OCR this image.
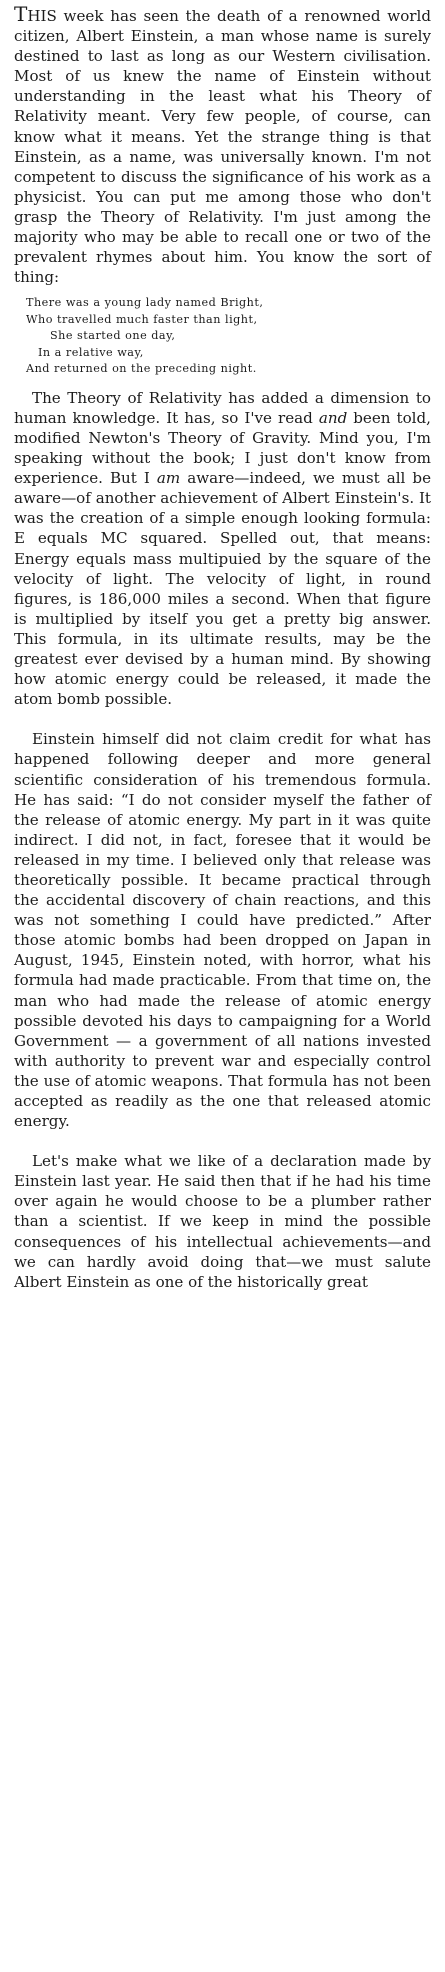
THIS week has seen the death of a renowned world citizen, Albert Einstein, a man whose name is surely destined to last as long as our Western civilisation. Most of us knew the name of Einstein without understanding in the least what his Theory of Relativity meant. Very few people, of course, can know what it means. Yet the strange thing is that Einstein, as a name, was universally known. I'm not competent to discuss the significance of his work as a physicist. You can put me among those who don't grasp the Theory of Relativity. I'm just among the majority who may be able to recall one or two of the prevalent rhymes about him. You know the sort of thing:

There was a young lady named Bright,
Who travelled much faster than light,
She started one day,
In a relative way,
And returned on the preceding night.

The Theory of Relativity has added a dimension to human knowledge. It has, so I've read and been told, modified Newton's Theory of Gravity. Mind you, I'm speaking without the book; I just don't know from experience. But I am aware—indeed, we must all be aware—of another achievement of Albert Einstein's. It was the creation of a simple enough looking formula: E equals MC squared. Spelled out, that means: Energy equals mass multipuied by the square of the velocity of light. The velocity of light, in round figures, is 186,000 miles a second. When that figure is multiplied by itself you get a pretty big answer. This formula, in its ultimate results, may be the greatest ever devised by a human mind. By showing how atomic energy could be released, it made the atom bomb possible.

Einstein himself did not claim credit for what has happened following deeper and more general scientific consideration of his tremendous formula. He has said: “I do not consider myself the father of the release of atomic energy. My part in it was quite indirect. I did not, in fact, foresee that it would be released in my time. I believed only that release was theoretically possible. It became practical through the accidental discovery of chain reactions, and this was not something I could have predicted.” After those atomic bombs had been dropped on Japan in August, 1945, Einstein noted, with horror, what his formula had made practicable. From that time on, the man who had made the release of atomic energy possible devoted his days to campaigning for a World Government — a government of all nations invested with authority to prevent war and especially control the use of atomic weapons. That formula has not been accepted as readily as the one that released atomic energy.

Let's make what we like of a declaration made by Einstein last year. He said then that if he had his time over again he would choose to be a plumber rather than a scientist. If we keep in mind the possible consequences of his intellectual achievements—and we can hardly avoid doing that—we must salute Albert Einstein as one of the historically great
